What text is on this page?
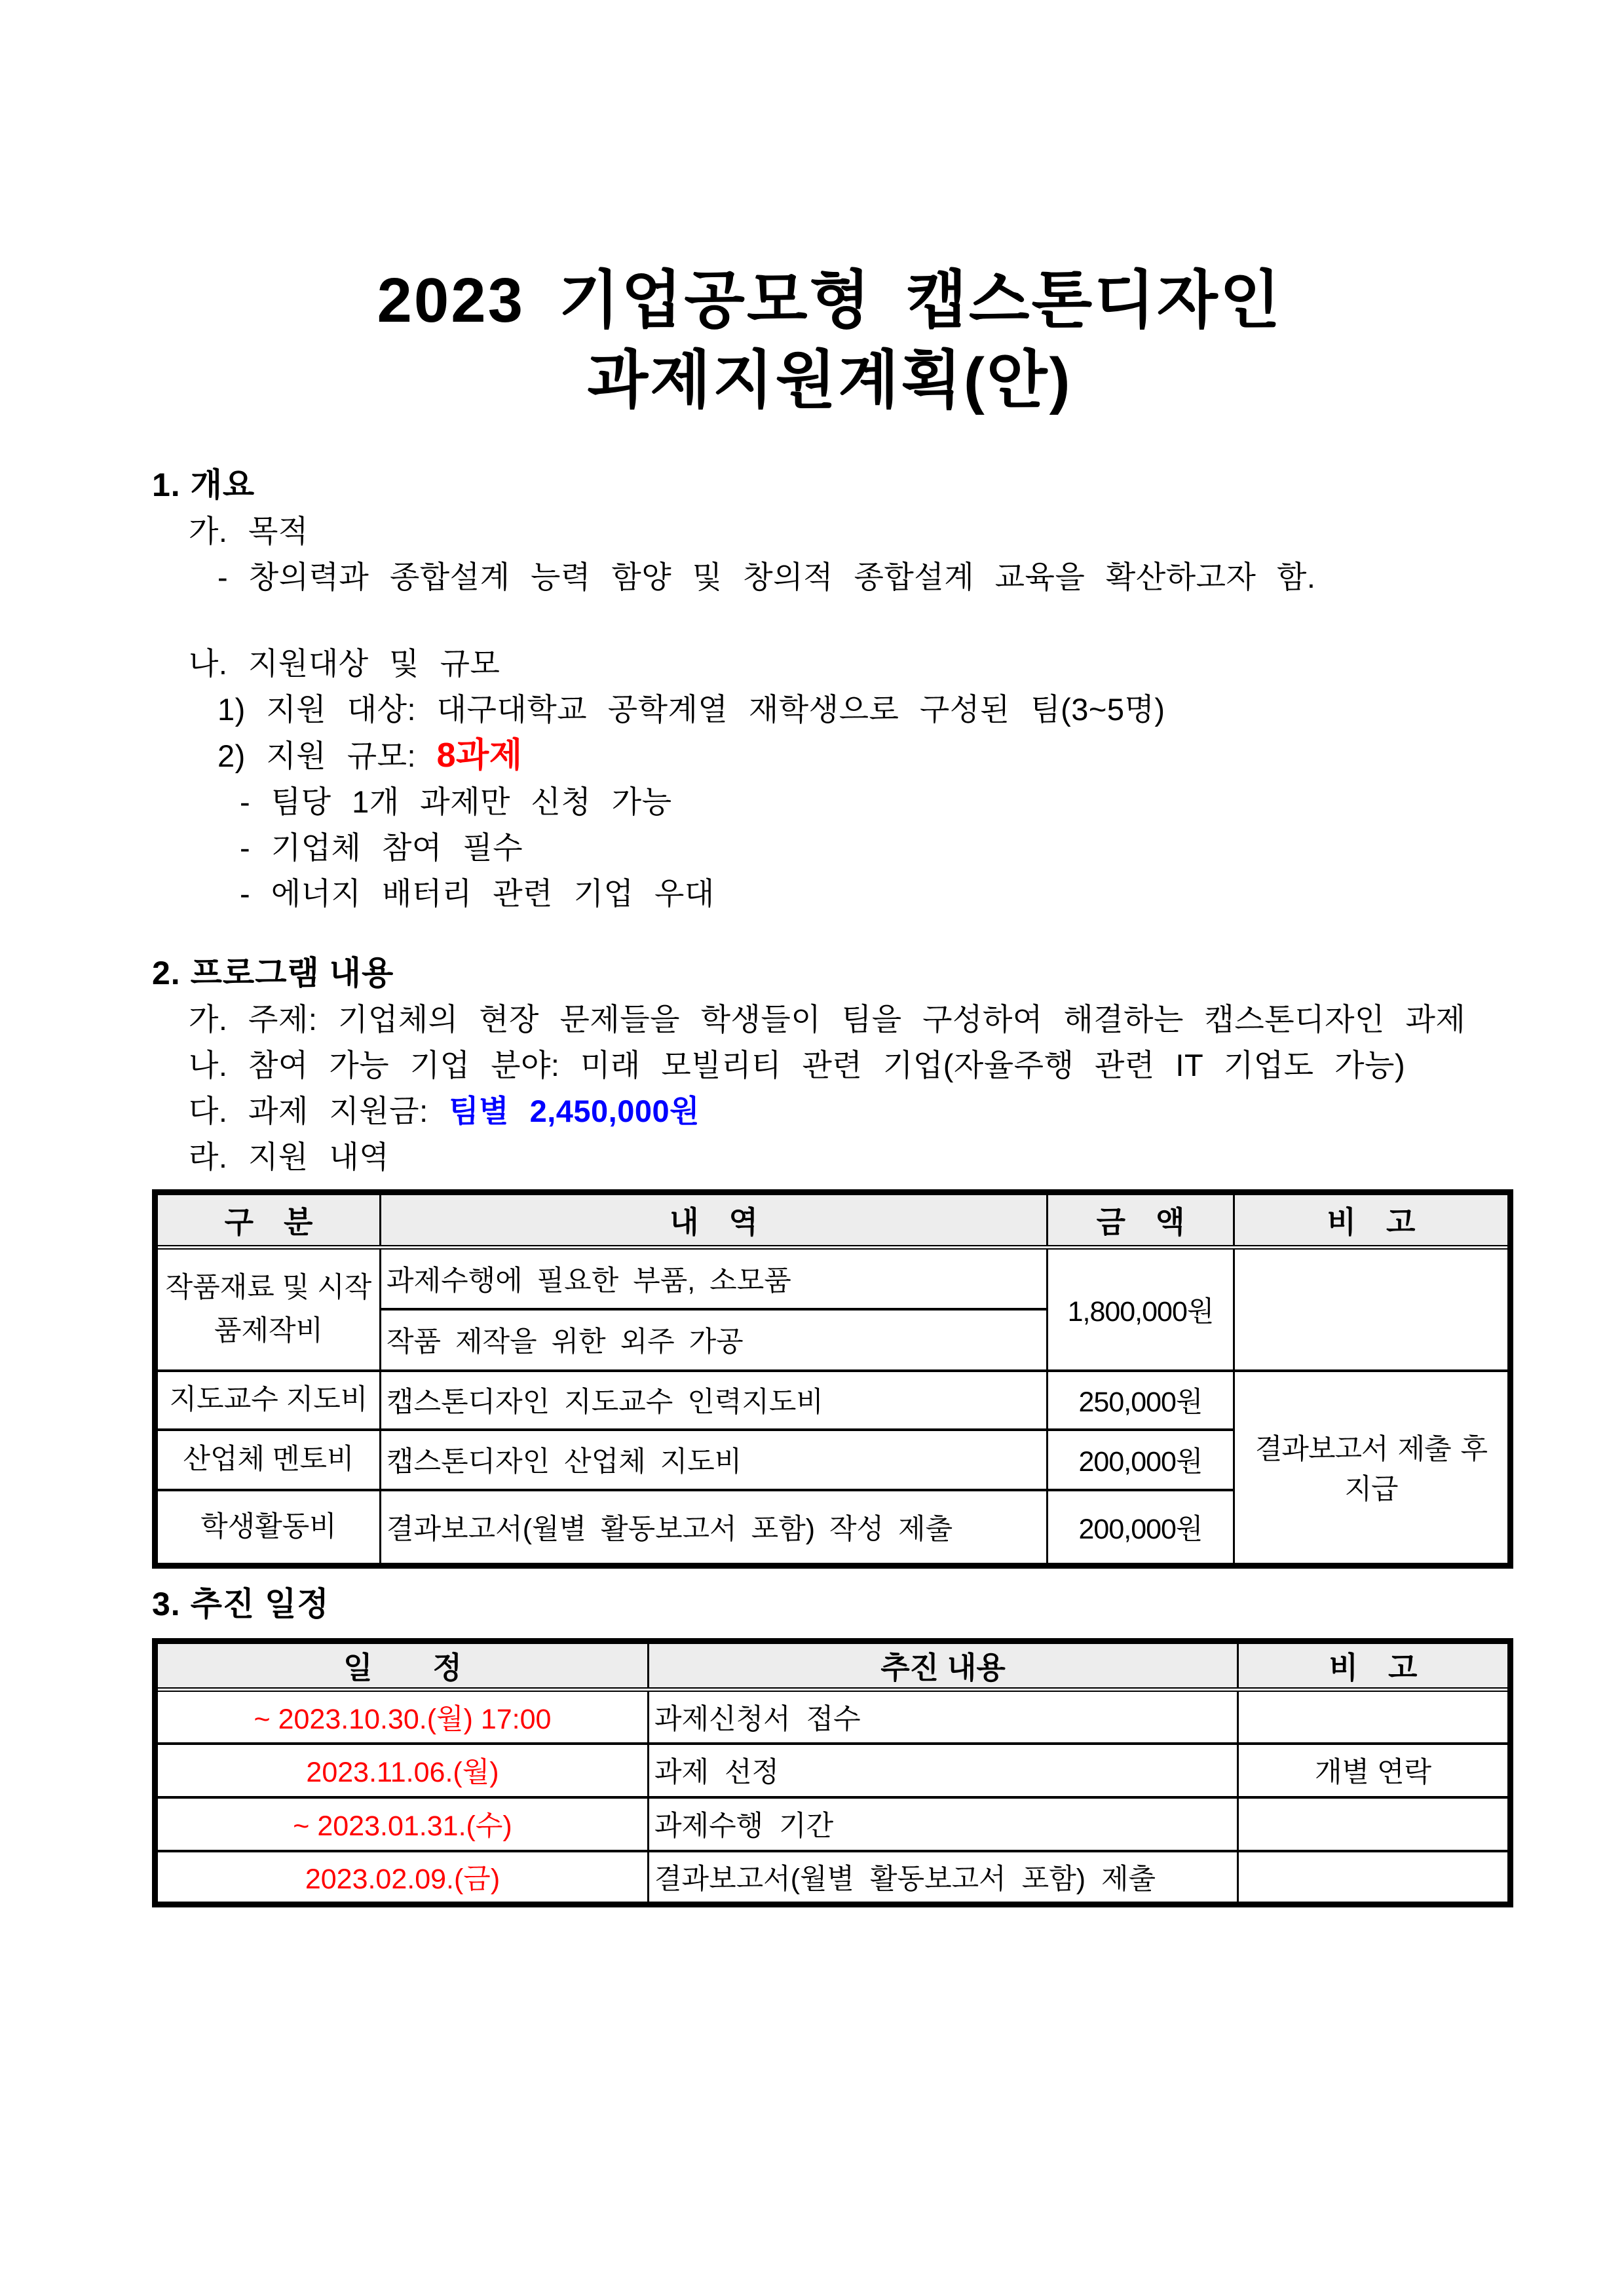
2023 기업공모형 캡스톤디자인
과제지원계획(안)
1. 개요
가. 목적
- 창의력과 종합설계 능력 함양 및 창의적 종합설계 교육을 확산하고자 함.
나. 지원대상 및 규모
1) 지원 대상: 대구대학교 공학계열 재학생으로 구성된 팀(3~5명)
2) 지원 규모: 8과제
- 팀당 1개 과제만 신청 가능
- 기업체 참여 필수
- 에너지 배터리 관련 기업 우대
2. 프로그램 내용
가. 주제: 기업체의 현장 문제들을 학생들이 팀을 구성하여 해결하는 캡스톤디자인 과제
나. 참여 가능 기업 분야: 미래 모빌리티 관련 기업(자율주행 관련 IT 기업도 가능)
다. 과제 지원금: 팀별 2,450,000원
라. 지원 내역
구 분	내 역	금 액	비 고
작품재료 및 시작품제작비	과제수행에 필요한 부품, 소모품	1,800,000원	
	작품 제작을 위한 외주 가공		
지도교수 지도비	캡스톤디자인 지도교수 인력지도비	250,000원	결과보고서 제출 후 지급
산업체 멘토비	캡스톤디자인 산업체 지도비	200,000원	
학생활동비	결과보고서(월별 활동보고서 포함) 작성 제출	200,000원	
3. 추진 일정
일  정	추진 내용	비 고
~ 2023.10.30.(월) 17:00	과제신청서 접수	
2023.11.06.(월)	과제 선정	개별 연락
~ 2023.01.31.(수)	과제수행 기간	
2023.02.09.(금)	결과보고서(월별 활동보고서 포함) 제출	
